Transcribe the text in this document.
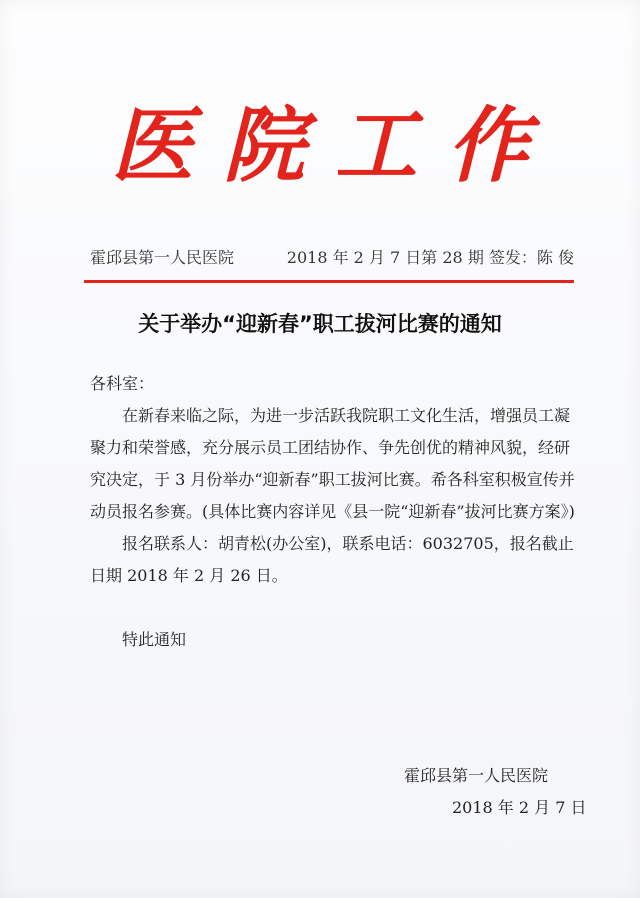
医院工作
霍邱县第一人民医院	2018 年 2 月 7 日第 28 期 签发：陈 俊
关于举办“迎新春”职工拔河比赛的通知

各科室：

在新春来临之际，为进一步活跃我院职工文化生活，增强员工凝聚力和荣誉感，充分展示员工团结协作、争先创优的精神风貌，经研究决定，于 3 月份举办“迎新春”职工拔河比赛。希各科室积极宣传并动员报名参赛。(具体比赛内容详见《县一院“迎新春”拔河比赛方案》)

报名联系人：胡青松(办公室)，联系电话：6032705，报名截止日期 2018 年 2 月 26 日。

特此通知

霍邱县第一人民医院
2018 年 2 月 7 日
